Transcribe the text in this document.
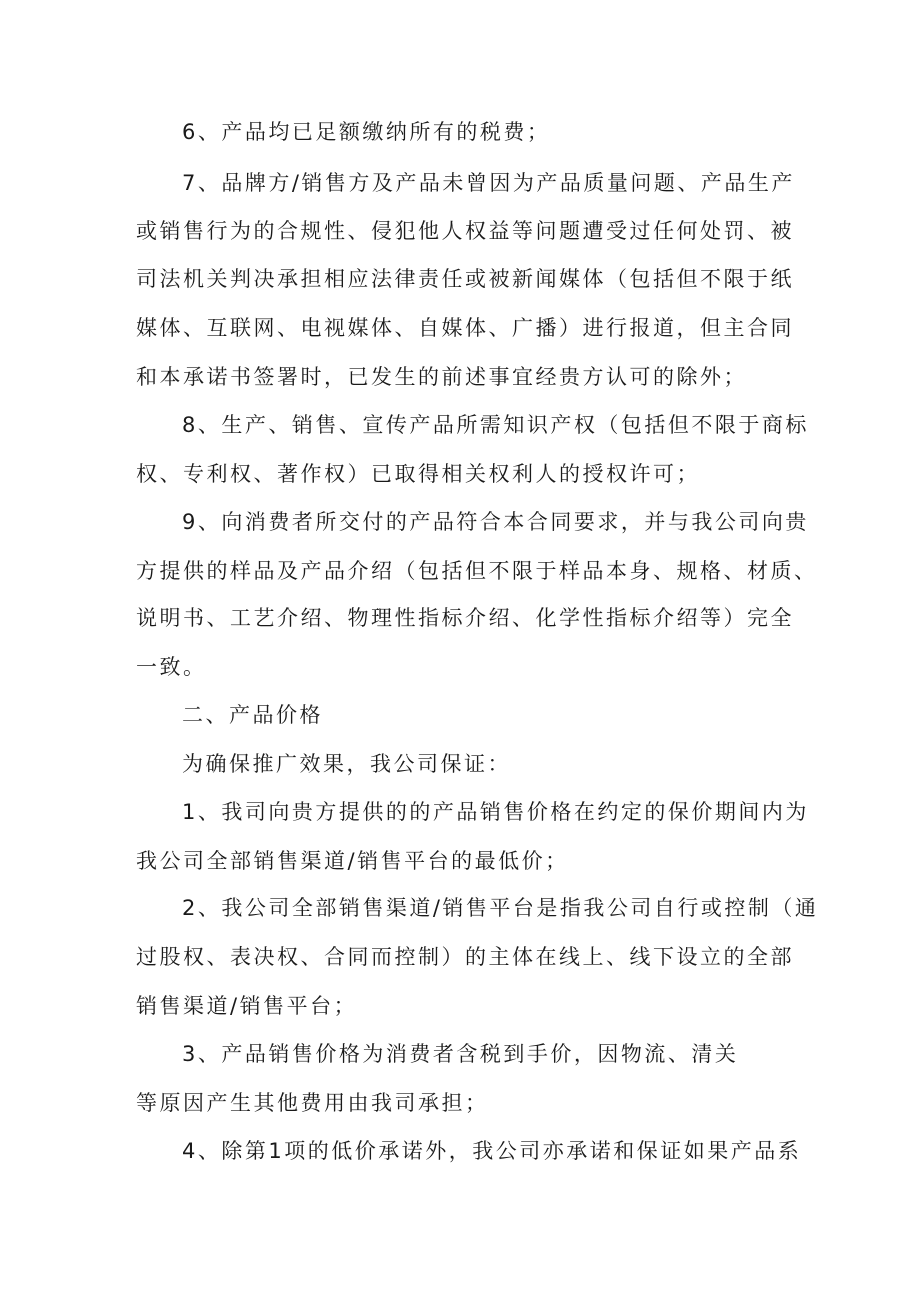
6、产品均已足额缴纳所有的税费；
7、品牌方/销售方及产品未曾因为产品质量问题、产品生产
或销售行为的合规性、侵犯他人权益等问题遭受过任何处罚、被
司法机关判决承担相应法律责任或被新闻媒体（包括但不限于纸
媒体、互联网、电视媒体、自媒体、广播）进行报道，但主合同
和本承诺书签署时，已发生的前述事宜经贵方认可的除外；
8、生产、销售、宣传产品所需知识产权（包括但不限于商标
权、专利权、著作权）已取得相关权利人的授权许可；
9、向消费者所交付的产品符合本合同要求，并与我公司向贵
方提供的样品及产品介绍（包括但不限于样品本身、规格、材质、
说明书、工艺介绍、物理性指标介绍、化学性指标介绍等）完全
一致。
二、产品价格
为确保推广效果，我公司保证：
1、我司向贵方提供的的产品销售价格在约定的保价期间内为
我公司全部销售渠道/销售平台的最低价；
2、我公司全部销售渠道/销售平台是指我公司自行或控制（通
过股权、表决权、合同而控制）的主体在线上、线下设立的全部
销售渠道/销售平台；
3、产品销售价格为消费者含税到手价，因物流、清关
等原因产生其他费用由我司承担；
4、除第1项的低价承诺外，我公司亦承诺和保证如果产品系
